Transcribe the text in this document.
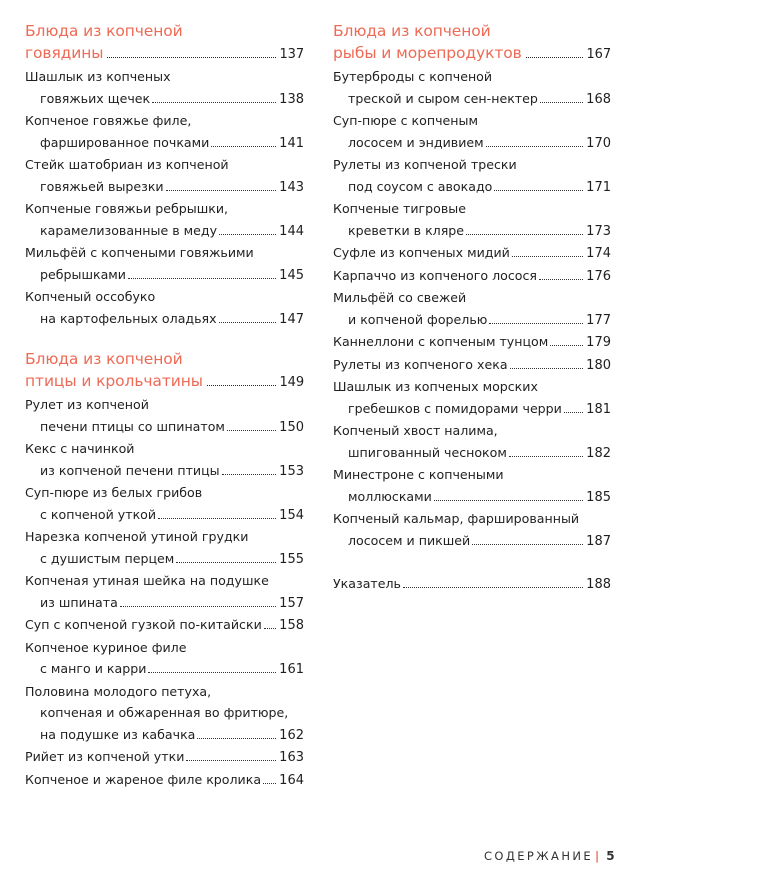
Блюда из копченой
говядины	137
Шашлык из копченых
говяжьих щечек	138
Копченое говяжье филе,
фаршированное почками	141
Стейк шатобриан из копченой
говяжьей вырезки	143
Копченые говяжьи ребрышки,
карамелизованные в меду	144
Мильфёй с копчеными говяжьими
ребрышками	145
Копченый оссобуко
на картофельных оладьях	147
Блюда из копченой
птицы и крольчатины	149
Рулет из копченой
печени птицы со шпинатом	150
Кекс с начинкой
из копченой печени птицы	153
Суп-пюре из белых грибов
с копченой уткой	154
Нарезка копченой утиной грудки
с душистым перцем	155
Копченая утиная шейка на подушке
из шпината	157
Суп с копченой гузкой по-китайски 158
Копченое куриное филе
с манго и карри	161
Половина молодого петуха,
копченая и обжаренная во фритюре,
на подушке из кабачка	162
Рийет из копченой утки	163
Копченое и жареное филе кролика 164
Блюда из копченой
рыбы и морепродуктов	167
Бутерброды с копченой
треской и сыром сен-нектер	168
Суп-пюре с копченым
лососем и эндивием	170
Рулеты из копченой трески
под соусом с авокадо	171
Копченые тигровые
креветки в кляре	173
Суфле из копченых мидий	174
Карпаччо из копченого лосося	176
Мильфёй со свежей
и копченой форелью	177
Каннеллони с копченым тунцом	179
Рулеты из копченого хека	180
Шашлык из копченых морских
гребешков с помидорами черри 181
Копченый хвост налима,
шпигованный чесноком	182
Минестроне с копчеными
моллюсками	185
Копченый кальмар, фаршированный
лососем и пикшей	187
Указатель	188
СОДЕРЖАНИЕ | 5
